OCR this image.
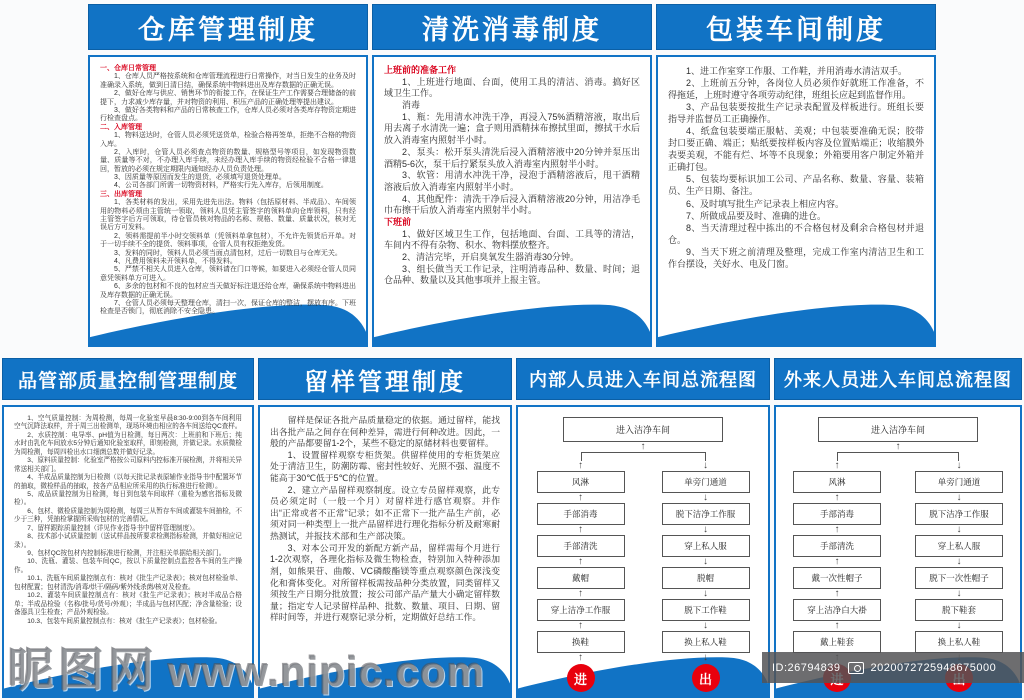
仓库管理制度
一、仓库日常管理
1、仓库人员严格按系统和仓库管理流程进行日常操作，对当日发生的业务及时准确录入系统，做到日清日结，确保系统中物料进出及库存数据的正确无误。
2、做好仓库与供应、销售环节的衔接工作，在保证生产工作需要合理储备的前提下，力求减少库存量，并对物资的利用、积压产品的正确处理等提出建议。
3、做好各类物料和产品的日常核查工作，仓库人员必须对各类库存物资定期进行检查盘点。
二、入库管理
1、物料送达时，仓管人员必须凭送货单，检验合格再签单，拒绝不合格的物资入库。
2、入库时，仓管人员必须查点物资的数量、规格型号等项目，如发现物资数量、质量等不对，不办理入库手续，未经办理入库手续的物资经检验不合格一律退回，暂放的必须在规定期限内通知经办人员负责处理。
3、因质量等原因而发生的退货，必须填写退货处理单。
4、公司各部门所需一切物资材料，严格实行先入库存，后领用制度。
三、出库管理
1、各类材料的发出，采用先进先出法。物料（包括原材料、半成品）、车间领用的物料必须由主管统一领取，领料人员凭主管签字的领料单向仓库领料，只有经主管签字后方可领取，待仓管员核对物品的名称、规格、数量、质量状况，核对无误后方可发料。
2、领料需提前半小时交领料单（凭领料单拿包材），不允许先领货后开单。对于一切手续不全的提货、领料事项，仓管人员有权拒绝发货。
3、发料的同时，领料人员必须当面点清包材，过后一切数目与仓库无关。
4、凡费用领料未开领料单，不得发料。
5、严禁不相关人员进入仓库，领料请在门口等候，如要进入必须经仓管人员同意凭领料单方可进入。
6、多余的包材和不良的包材应当天做好标注退还给仓库，确保系统中物料进出及库存数据的正确无误。
7、仓管人员必须每天整理仓库，清扫一次，保证仓库的整洁，摆放有序。下班检查是否锁门，彻底消除不安全隐患。
清洗消毒制度
上班前的准备工作
1、上班进行地面、台面，使用工具的清洁、消毒。搞好区域卫生工作。
消毒
1、瓶：先用清水冲洗干净，再浸入75%酒精溶液，取出后用去离子水清洗一遍；盒子则用酒精抹布擦拭里面，擦拭干水后放入消毒室内照射半小时。
2、泵头：松开泵头清洗后浸入酒精溶液中20分钟并泵压出酒精5-6次，泵干后拧紧泵头放入消毒室内照射半小时。
3、软管：用清水冲洗干净，浸泡于酒精溶液后，甩干酒精溶液后放入消毒室内照射半小时。
4、其他配件：清洗干净后浸入酒精溶液20分钟，用洁净毛巾布擦干后放入消毒室内照射半小时。
下班前
1、做好区域卫生工作，包括地面、台面、工具等的清洁，车间内不得有杂物、积水、物料摆放整齐。
2、清洁完毕，开启臭氧发生器消毒30分钟。
3、组长做当天工作记录，注明消毒品种、数量、时间；退仓品种、数量以及其他事项并上报主管。
包装车间制度
1、进工作室穿工作服、工作鞋，并用消毒水清洁双手。
2、上班前五分钟，各岗位人员必须作好就班工作准备，不得拖延，上班时遵守各项劳动纪律，班组长应起到监督作用。
3、产品包装要按批生产记录表配置及样板进行。班组长要指导并监督员工正确操作。
4、纸盒包装要端正服帖、美观；中包装要准确无误；胶带封口要正确、端正；贴纸要按样板内容及位置贴端正；收缩膜外表要美观，不能有烂、坏等不良现象；外箱要用客户制定外箱并正确打包。
5、包装均要标识加工公司、产品名称、数量、容量、装箱员、生产日期、备注。
6、及时填写批生产记录表上相应内容。
7、所做成品要及时、准确的进仓。
8、当天清理过程中拣出的不合格包材及剩余合格包材并退仓。
9、当天下班之前清理及整理，完成工作室内清洁卫生和工作台摆设，关好水、电及门窗。
品管部质量控制管理制度
1、空气质量控制：为周检测，每周一化验室早晨8:30-9:00到各车间利用空气沉降法取样，并于周三出检测单，现场环境由相应的各车间送给QC查样。
2、水质控制：电导率、pH值为日检测，每日两次：上班前和下班后；纯水时由乳化车间放水5分钟后通知化验室取样，即刻检测，并做记录。水质微检为周检测，每周四检出水口细菌总数并做好记录。
3、原料质量控制：化验室严格按公司原料内控标准开展检测，并将相关异常送相关部门。
4、半成品质量控制为日检测（以每天批记录表原辅作业指导书中配置环节的抽取，微检样品的抽取，按各产品相应所采用的执行标准进行检测）。
5、成品质量控制为日检测，每日到包装车间取样（重检为感官指标及微检）。
6、包材、微检质量控制为周检测，每周三从暂存车间或灌装车间抽检，不少于三种，凭抽检掌握所采购包材的完善情况。
7、留样跟踪质量控制（详见作业指导书中留样管理制度）。
8、技术部小试质量控制（送试样品按所要求检测指标检测，并做好相应记录）。
9、包材QC按包材内控制标准进行检测，并注相关单据给相关部门。
10、洗瓶、灌装、包装车间QC，按以下质量控制点监控各车间的生产操作。
10.1、洗瓶车间质量控制点有：核对《批生产记录表》；核对包材检验单、包材配置；包材清洗/消毒/烘干/隔码/紫外线杀菌/核对及检查。
10.2、灌装车间质量控制点有：核对《批生产记录表》；核对半成品合格单；半成品检验（名称/批号/货号/外观）；半成品与包材匹配；净含量检验；设备器具卫生检查；产品外观检验。
10.3、包装车间质量控制点有：核对《批生产记录表》；包材检验。
留样管理制度
留样是保证各批产品质量稳定的依据。通过留样，能找出各批产品之间存在何种差异，需进行何种改进。因此，一般的产品都要留1-2个，某些不稳定的原储材料也要留样。
1、设置留样观察专柜货架。供留样使用的专柜货架应处于清洁卫生，防潮防霉、密封性较好、光照不强、温度不能高于30℃低于5℃的位置。
2、建立产品留样观察制度。设立专员留样观察，此专员必须定时（一般一个月）对留样进行感官观察。并作出“正常或者不正常”记录；如不正常下一批产品生产前，必须对同一种类型上一批产品留样进行理化指标分析及耐寒耐热测试，并报技术部和生产部决策。
3、对本公司开发的新配方新产品，留样需每个月进行1-2次观察，各理化指标及微生物检查，特别加入特种添加剂，如熊果苷、曲酸、VC磷酸酯镁等重点观察颜色深浅变化和膏体变化。对所留样板需按品种分类放置，同类留样又须按生产日期分批放置；按公司部产品产量大小确定留样数量；指定专人记录留样品种、批数、数量、项目、日期、留样时间等，并进行观察记录分析，定期做好总结工作。
内部人员进入车间总流程图
进入洁净车间
↑
↑
风淋
↑
手部消毒
↑
手部清洗
↑
戴帽
↑
穿上洁净工作服
↑
换鞋
↑
进
↓
单旁门通道
↓
脱下洁净工作服
↓
穿上私人服
↓
脱帽
↓
脱下工作鞋
↓
换上私人鞋
↓
出
外来人员进入车间总流程图
进入洁净车间
↑
↑
风淋
↑
手部消毒
↑
手部清洗
↑
戴一次性帽子
↑
穿上洁净白大褂
↑
戴上鞋套
↓
单旁门通道
↓
脱下洁净工作服
↓
穿上私人服
↓
脱下一次性帽子
↓
脱下鞋套
↓
换上私人鞋
昵图网 www.nipic.com	ID:26794839	2020072725948675000
